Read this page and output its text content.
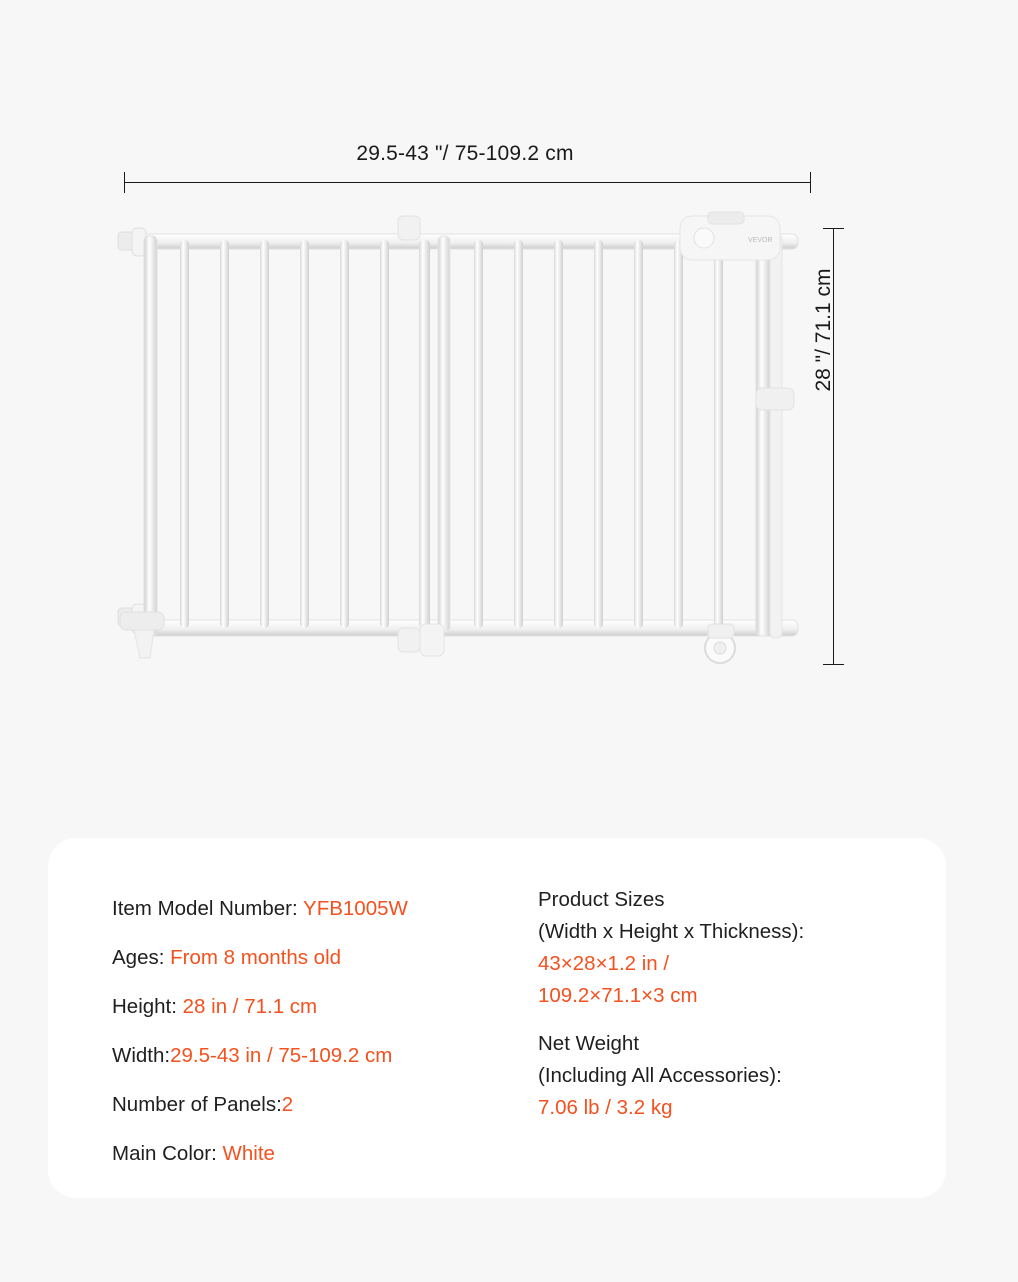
29.5-43 "/ 75-109.2 cm
28 "/ 71.1 cm
VEVOR
Item Model Number: YFB1005W
Ages: From 8 months old
Height: 28 in / 71.1 cm
Width:29.5-43 in / 75-109.2 cm
Number of Panels:2
Main Color: White
Product Sizes
(Width x Height x Thickness):
43×28×1.2 in /
109.2×71.1×3 cm
Net Weight
(Including All Accessories):
7.06 lb / 3.2 kg
